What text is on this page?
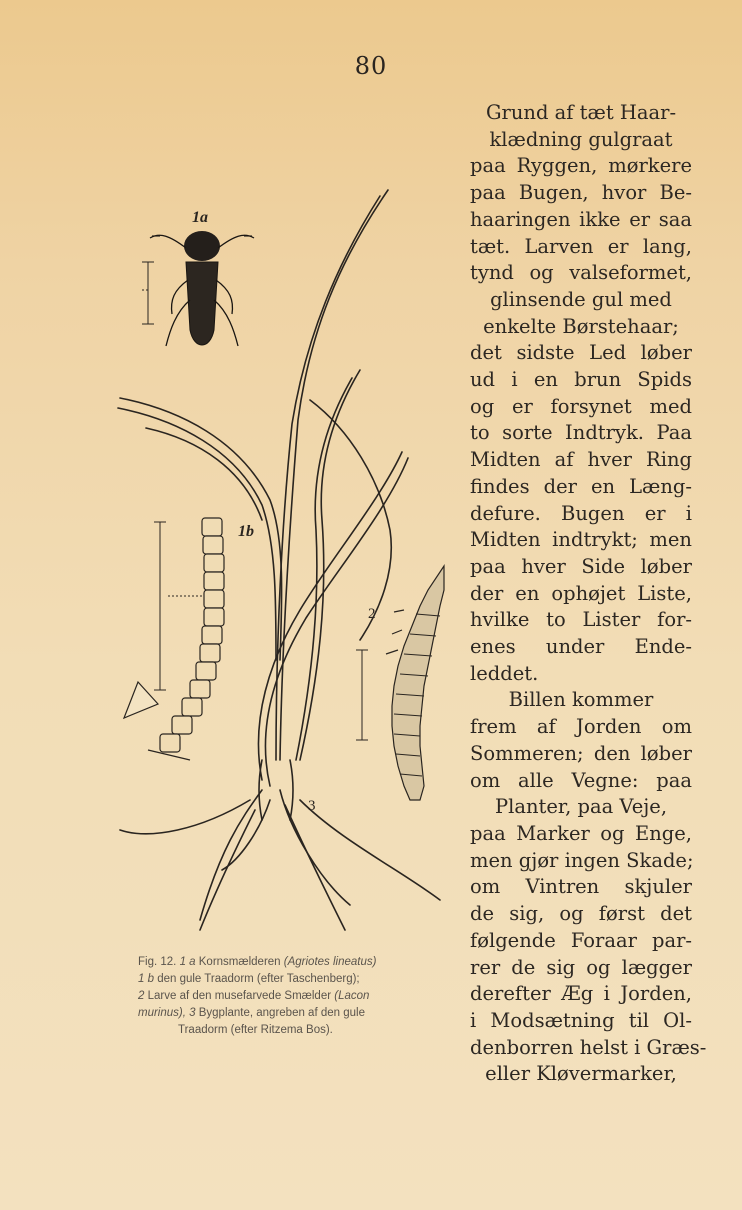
80
1a
1b
2
3
Fig. 12. 1 a Kornsmælderen (Agriotes lineatus)
1 b den gule Traadorm (efter Taschenberg);
2 Larve af den musefarvede Smælder (Lacon
murinus), 3 Bygplante, angreben af den gule
Traadorm (efter Ritzema Bos).
Grund af tæt Haar-
klædning gulgraat
paa Ryggen, mørkere
paa Bugen, hvor Be-
haaringen ikke er saa
tæt. Larven er lang,
tynd og valseformet,
glinsende gul med
enkelte Børstehaar;
det sidste Led løber
ud i en brun Spids
og er forsynet med
to sorte Indtryk. Paa
Midten af hver Ring
findes der en Læng-
defure. Bugen er i
Midten indtrykt; men
paa hver Side løber
der en ophøjet Liste,
hvilke to Lister for-
enes under Ende-
leddet.
Billen kommer
frem af Jorden om
Sommeren; den løber
om alle Vegne: paa
Planter, paa Veje,
paa Marker og Enge,
men gjør ingen Skade;
om Vintren skjuler
de sig, og først det
følgende Foraar par-
rer de sig og lægger
derefter Æg i Jorden,
i Modsætning til Ol-
denborren helst i Græs-
eller Kløvermarker,
